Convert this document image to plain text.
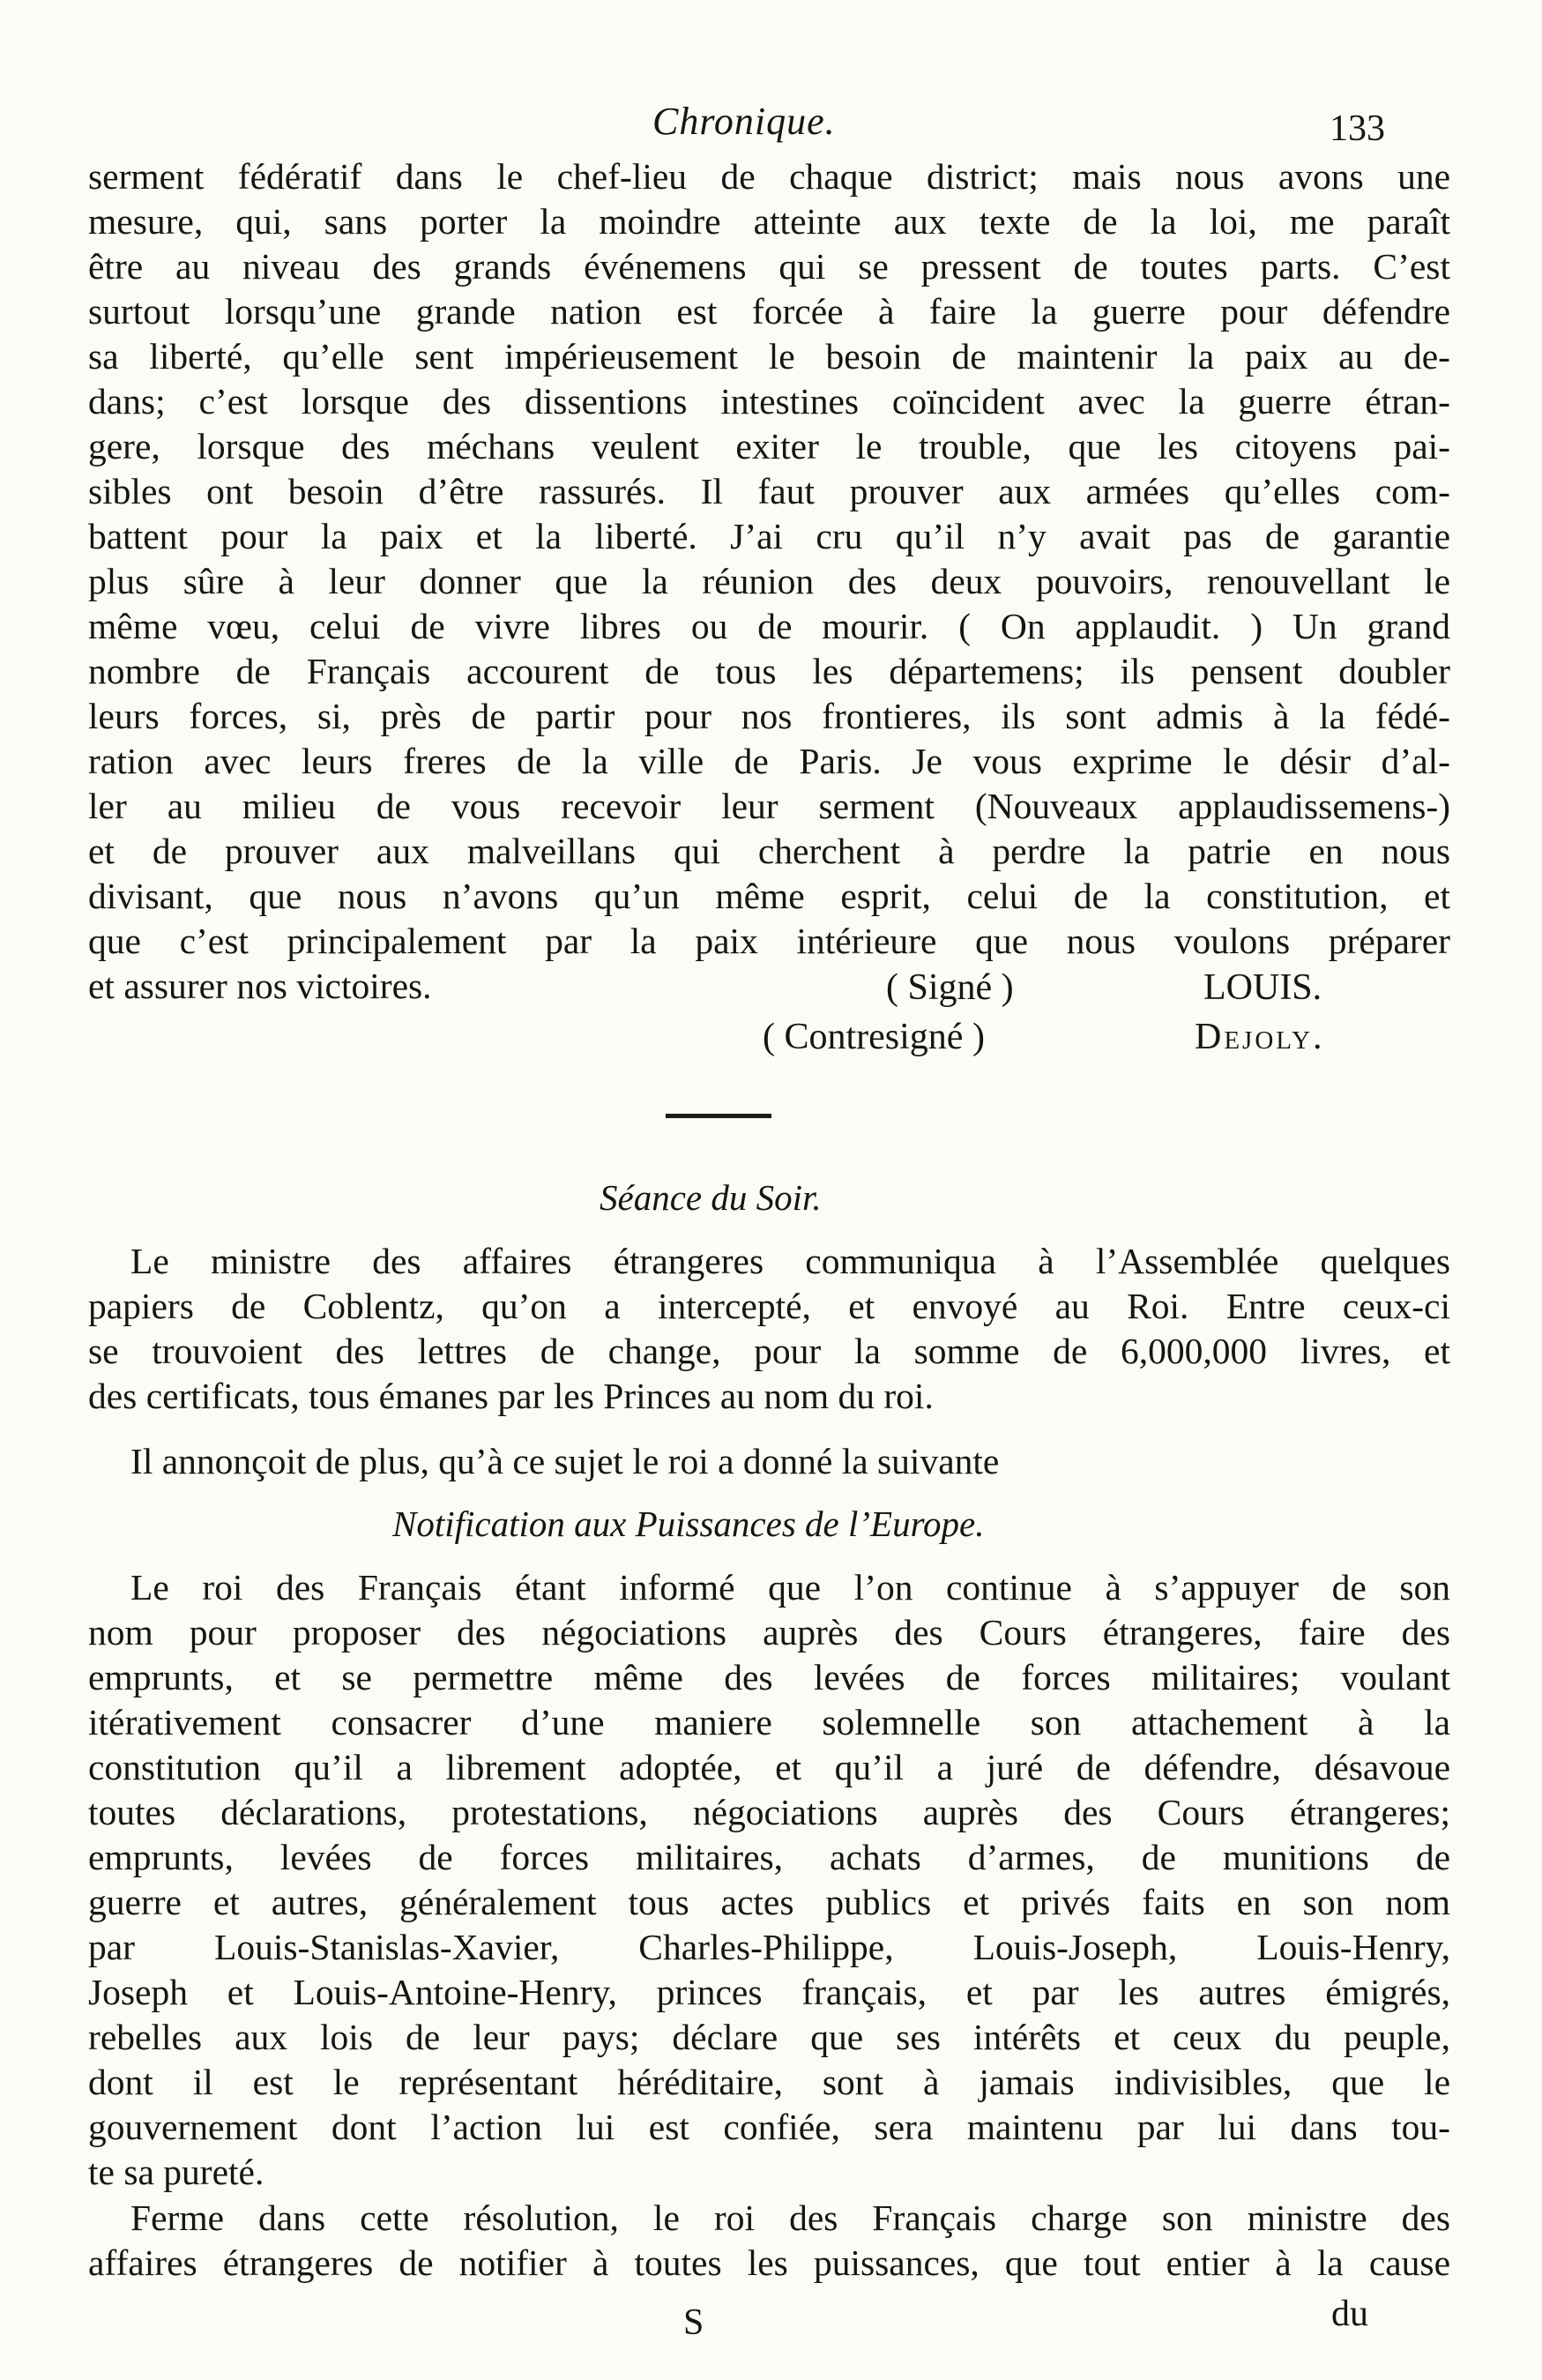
Chronique.	133
serment fédératif dans le chef-lieu de chaque district; mais nous avons une
mesure, qui, sans porter la moindre atteinte aux texte de la loi, me paraît
être au niveau des grands événemens qui se pressent de toutes parts. C’est
surtout lorsqu’une grande nation est forcée à faire la guerre pour défendre
sa liberté, qu’elle sent impérieusement le besoin de maintenir la paix au de-
dans; c’est lorsque des dissentions intestines coïncident avec la guerre étran-
gere, lorsque des méchans veulent exiter le trouble, que les citoyens pai-
sibles ont besoin d’être rassurés. Il faut prouver aux armées qu’elles com-
battent pour la paix et la liberté. J’ai cru qu’il n’y avait pas de garantie
plus sûre à leur donner que la réunion des deux pouvoirs, renouvellant le
même vœu, celui de vivre libres ou de mourir. ( On applaudit. ) Un grand
nombre de Français accourent de tous les départemens; ils pensent doubler
leurs forces, si, près de partir pour nos frontieres, ils sont admis à la fédé-
ration avec leurs freres de la ville de Paris. Je vous exprime le désir d’al-
ler au milieu de vous recevoir leur serment (Nouveaux applaudissemens-)
et de prouver aux malveillans qui cherchent à perdre la patrie en nous
divisant, que nous n’avons qu’un même esprit, celui de la constitution, et
que c’est principalement par la paix intérieure que nous voulons préparer
et assurer nos victoires.	( Signé )	LOUIS.
( Contresigné )	Dejoly.
Séance du Soir.
Le ministre des affaires étrangeres communiqua à l’Assemblée quelques
papiers de Coblentz, qu’on a intercepté, et envoyé au Roi. Entre ceux-ci
se trouvoient des lettres de change, pour la somme de 6,000,000 livres, et
des certificats, tous émanes par les Princes au nom du roi.
Il annonçoit de plus, qu’à ce sujet le roi a donné la suivante
Notification aux Puissances de l’Europe.
Le roi des Français étant informé que l’on continue à s’appuyer de son
nom pour proposer des négociations auprès des Cours étrangeres, faire des
emprunts, et se permettre même des levées de forces militaires; voulant
itérativement consacrer d’une maniere solemnelle son attachement à la
constitution qu’il a librement adoptée, et qu’il a juré de défendre, désavoue
toutes déclarations, protestations, négociations auprès des Cours étrangeres;
emprunts, levées de forces militaires, achats d’armes, de munitions de
guerre et autres, généralement tous actes publics et privés faits en son nom
par Louis-Stanislas-Xavier, Charles-Philippe, Louis-Joseph, Louis-Henry,
Joseph et Louis-Antoine-Henry, princes français, et par les autres émigrés,
rebelles aux lois de leur pays; déclare que ses intérêts et ceux du peuple,
dont il est le représentant héréditaire, sont à jamais indivisibles, que le
gouvernement dont l’action lui est confiée, sera maintenu par lui dans tou-
te sa pureté.
Ferme dans cette résolution, le roi des Français charge son ministre des
affaires étrangeres de notifier à toutes les puissances, que tout entier à la cause
S	du
